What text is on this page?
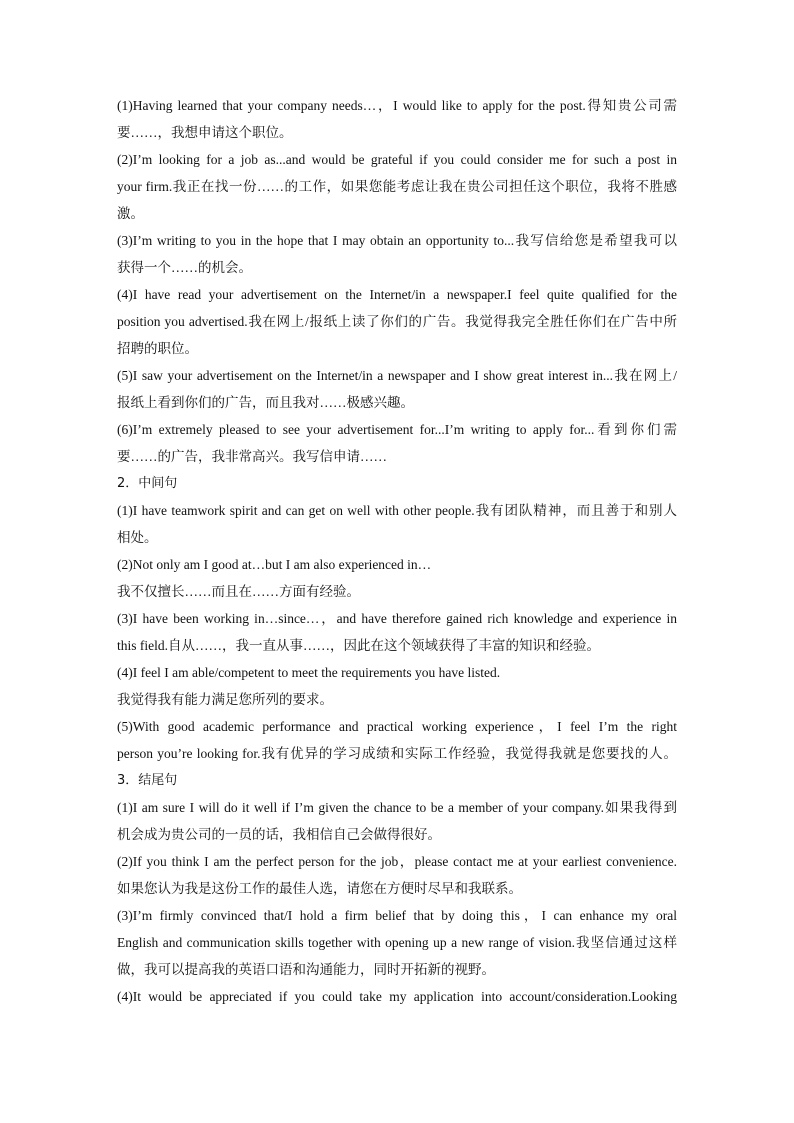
(1)Having learned that your company needs…，I would like to apply for the post.得知贵公司需
要……，我想申请这个职位。
(2)I’m looking for a job as...and would be grateful if you could consider me for such a post in
your firm.我正在找一份……的工作，如果您能考虑让我在贵公司担任这个职位，我将不胜感
激。
(3)I’m writing to you in the hope that I may obtain an opportunity to...我写信给您是希望我可以
获得一个……的机会。
(4)I have read your advertisement on the Internet/in a newspaper.I feel quite qualified for the
position you advertised.我在网上/报纸上读了你们的广告。我觉得我完全胜任你们在广告中所
招聘的职位。
(5)I saw your advertisement on the Internet/in a newspaper and I show great interest in...我在网上/
报纸上看到你们的广告，而且我对……极感兴趣。
(6)I’m extremely pleased to see your advertisement for...I’m writing to apply for...看到你们需
要……的广告，我非常高兴。我写信申请……
2．中间句
(1)I have teamwork spirit and can get on well with other people.我有团队精神，而且善于和别人
相处。
(2)Not only am I good at…but I am also experienced in…
我不仅擅长……而且在……方面有经验。
(3)I have been working in…since…，and have therefore gained rich knowledge and experience in
this field.自从……，我一直从事……，因此在这个领域获得了丰富的知识和经验。
(4)I feel I am able/competent to meet the requirements you have listed.
我觉得我有能力满足您所列的要求。
(5)With good academic performance and practical working experience，I feel I’m the right
person you’re looking for.我有优异的学习成绩和实际工作经验，我觉得我就是您要找的人。
3．结尾句
(1)I am sure I will do it well if I’m given the chance to be a member of your company.如果我得到
机会成为贵公司的一员的话，我相信自己会做得很好。
(2)If you think I am the perfect person for the job，please contact me at your earliest convenience.
如果您认为我是这份工作的最佳人选，请您在方便时尽早和我联系。
(3)I’m firmly convinced that/I hold a firm belief that by doing this，I can enhance my oral
English and communication skills together with opening up a new range of vision.我坚信通过这样
做，我可以提高我的英语口语和沟通能力，同时开拓新的视野。
(4)It would be appreciated if you could take my application into account/consideration.Looking
